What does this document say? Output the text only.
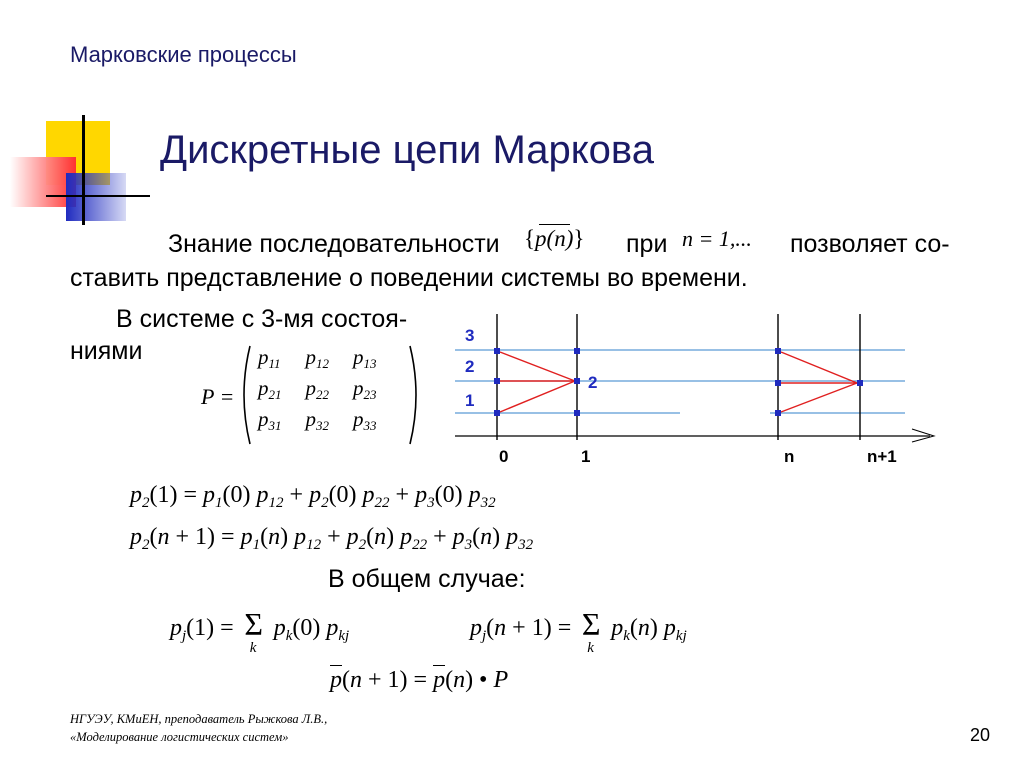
Марковские процессы
Дискретные цепи Маркова
Знание последовательности {p(n)} при n = 1,... позволяет со-
ставить представление о поведении системы во времени.
В системе с 3-мя состоя-
ниями
P =
$p_{11}$	$p_{12}$	$p_{13}$
$p_{21}$	$p_{22}$	$p_{23}$
$p_{31}$	$p_{32}$	$p_{33}$
3
2
1
2
0	1	n	n+1
$p_2(1) = p_1(0) p_{12} + p_2(0) p_{22} + p_3(0)$ $p_{32}$
$p_2(n + 1) = p_1(n) p_{12} + p_2(n) p_{22} + p_3(n)$ $p_{32}$
В общем случае:
$p_j(1) = \Sigma$
k
$p_k(0)$ $p_{kj}$	$p_j(n + 1) = \Sigma$
k
$p_k(n)$ $p_{kj}$
p(n + 1) = p(n) • P
НГУЭУ, КМиЕН, преподаватель Рыжкова Л.В.,
«Моделирование логистических систем»	20
